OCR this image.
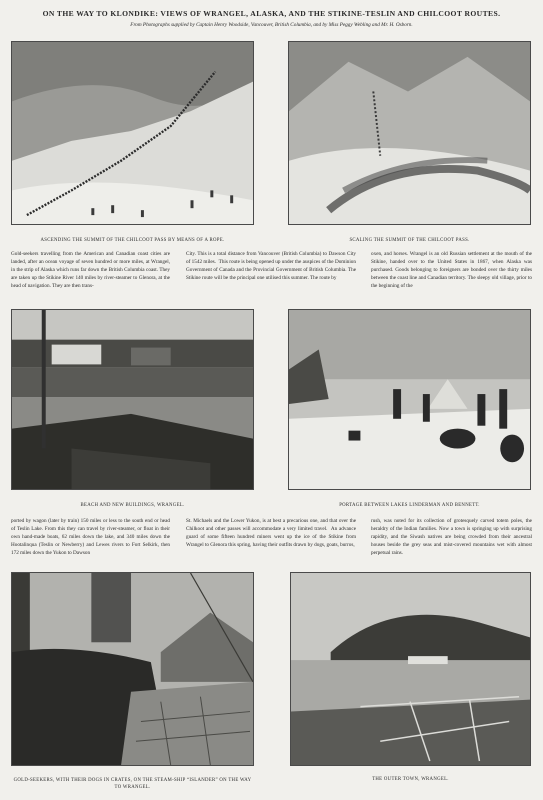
ON THE WAY TO KLONDIKE: VIEWS OF WRANGEL, ALASKA, AND THE STIKINE-TESLIN AND CHILCOOT ROUTES.
From Photographs supplied by Captain Henry Woodside, Vancouver, British Columbia, and by Miss Peggy Webling and Mr. H. Osborn.
ASCENDING THE SUMMIT OF THE CHILCOOT PASS BY MEANS OF A ROPE.	SCALING THE SUMMIT OF THE CHILCOOT PASS.
Gold-seekers travelling from the American and Canadian coast cities are landed, after an ocean voyage of seven hundred or more miles, at Wrangel, in the strip of Alaska which runs far down the British Columbia coast. They are taken up the Stikine River 140 miles by river-steamer to Glenora, at the head of navigation. They are then trans-
City. This is a total distance from Vancouver (British Columbia) to Dawson City of 1542 miles.  This route is being opened up under the auspices of the Dominion Government of Canada and the Provincial Government of British Columbia. The Stikine route will be the principal one utilised this summer. The route by
oxen, and horses. Wrangel is an old Russian settlement at the mouth of the Stikine, handed over to the United States in 1867, when Alaska was purchased. Goods belonging to foreigners are bonded over the thirty miles between the coast line and Canadian territory. The sleepy old village, prior to the beginning of the
BEACH AND NEW BUILDINGS, WRANGEL.	PORTAGE BETWEEN LAKES LINDERMAN AND BENNETT.
ported by wagon (later by train) 150 miles or less to the south end or head of Teslin Lake. From this they can travel by river-steamer, or float in their own hand-made boats, 62 miles down the lake, and 340 miles down the Hootalinqua (Teslin or Newberry) and Lewes rivers to Fort Selkirk, then 172 miles down the Yukon to Dawson
St. Michaels and the Lower Yukon, is at best a precarious one, and that over the Chilkoot and other passes will accommodate a very limited travel.  An advance guard of some fifteen hundred miners went up the ice of the Stikine from Wrangel to Glenora this spring, having their outfits drawn by dogs, goats, burros,
rush, was noted for its collection of grotesquely carved totem poles, the heraldry of the Indian families. Now a town is springing up with surprising rapidity, and the Siwash natives are being crowded from their ancestral houses beside the grey seas and mist-covered mountains wet with almost perpetual rains.
GOLD-SEEKERS, WITH THEIR DOGS IN CRATES, ON THE STEAM-SHIP “ISLANDER” ON THE WAY TO WRANGEL.
THE OUTER TOWN, WRANGEL.
